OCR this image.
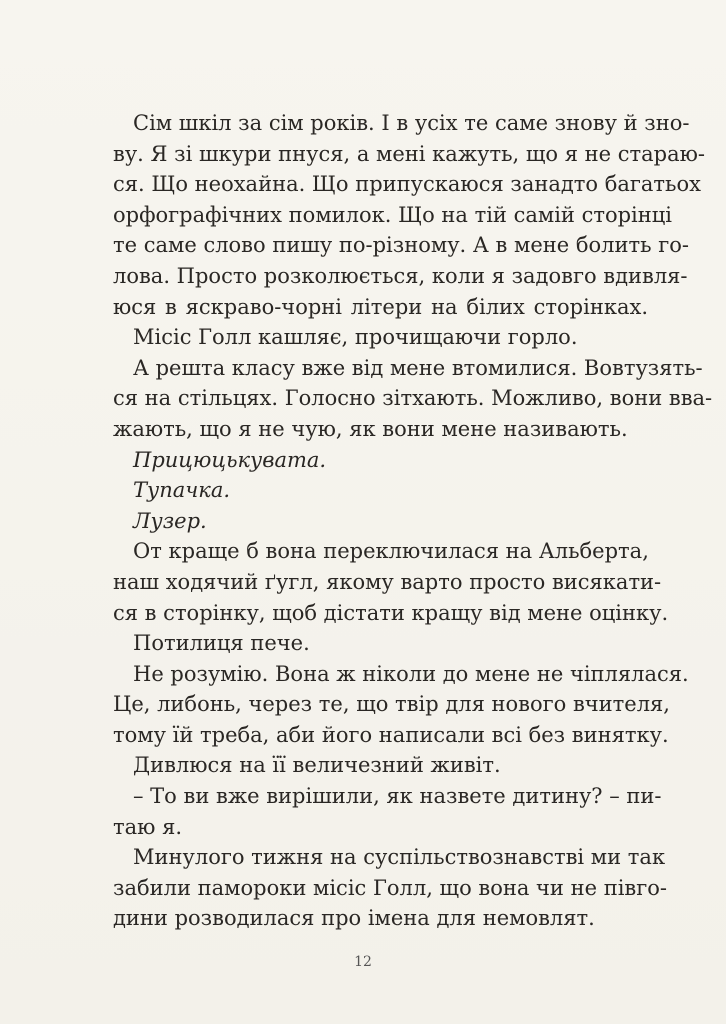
Сім шкіл за сім років. І в усіх те саме знову й зно-
ву. Я зі шкури пнуся, а мені кажуть, що я не стараю-
ся. Що неохайна. Що припускаюся занадто багатьох
орфографічних помилок. Що на тій самій сторінці
те саме слово пишу по-різному. А в мене болить го-
лова. Просто розколюється, коли я задовго вдивля-
юся в яскраво-чорні літери на білих сторінках.
Місіс Голл кашляє, прочищаючи горло.
А решта класу вже від мене втомилися. Вовтузять-
ся на стільцях. Голосно зітхають. Можливо, вони вва-
жають, що я не чую, як вони мене називають.
Прицюцькувата.
Тупачка.
Лузер.
От краще б вона переключилася на Альберта,
наш ходячий ґугл, якому варто просто висякати-
ся в сторінку, щоб дістати кращу від мене оцінку.
Потилиця пече.
Не розумію. Вона ж ніколи до мене не чіплялася.
Це, либонь, через те, що твір для нового вчителя,
тому їй треба, аби його написали всі без винятку.
Дивлюся на її величезний живіт.
– То ви вже вирішили, як назвете дитину? – пи-
таю я.
Минулого тижня на суспільствознавстві ми так
забили памороки місіс Голл, що вона чи не півго-
дини розводилася про імена для немовлят.
12
